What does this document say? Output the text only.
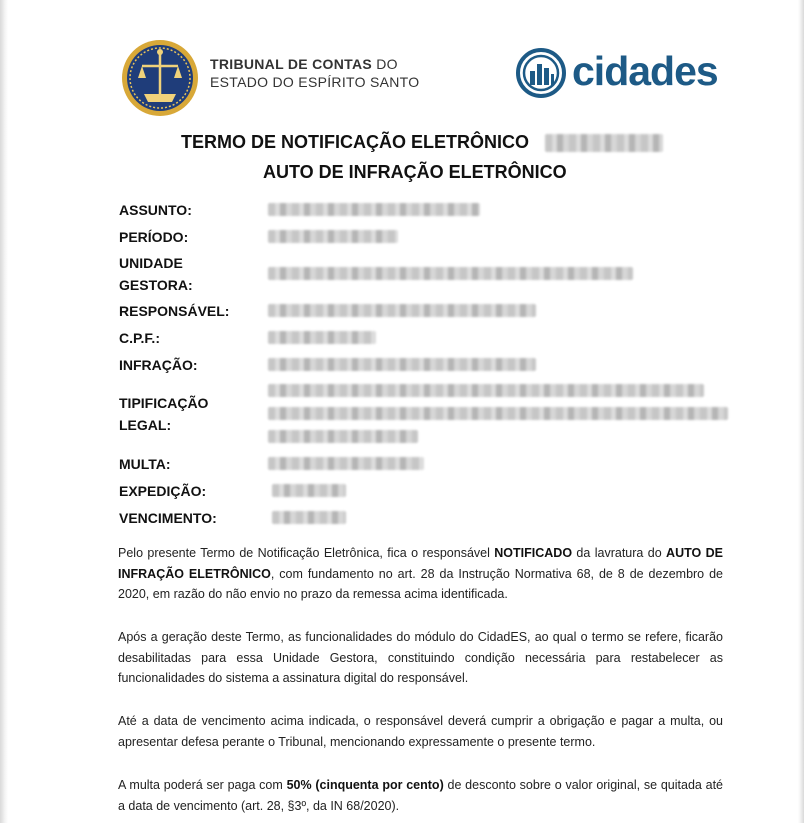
TRIBUNAL DE CONTAS DO
ESTADO DO ESPÍRITO SANTO	cidades
TERMO DE NOTIFICAÇÃO ELETRÔNICO
AUTO DE INFRAÇÃO ELETRÔNICO
ASSUNTO:
PERÍODO:
UNIDADE
GESTORA:
RESPONSÁVEL:
C.P.F.:
INFRAÇÃO:
TIPIFICAÇÃO
LEGAL:
MULTA:
EXPEDIÇÃO:
VENCIMENTO:

Pelo presente Termo de Notificação Eletrônica, fica o responsável NOTIFICADO da lavratura do AUTO DE INFRAÇÃO ELETRÔNICO, com fundamento no art. 28 da Instrução Normativa 68, de 8 de dezembro de 2020, em razão do não envio no prazo da remessa acima identificada.

Após a geração deste Termo, as funcionalidades do módulo do CidadES, ao qual o termo se refere, ficarão desabilitadas para essa Unidade Gestora, constituindo condição necessária para restabelecer as funcionalidades do sistema a assinatura digital do responsável.

Até a data de vencimento acima indicada, o responsável deverá cumprir a obrigação e pagar a multa, ou apresentar defesa perante o Tribunal, mencionando expressamente o presente termo.

A multa poderá ser paga com 50% (cinquenta por cento) de desconto sobre o valor original, se quitada até a data de vencimento (art. 28, §3º, da IN 68/2020).
